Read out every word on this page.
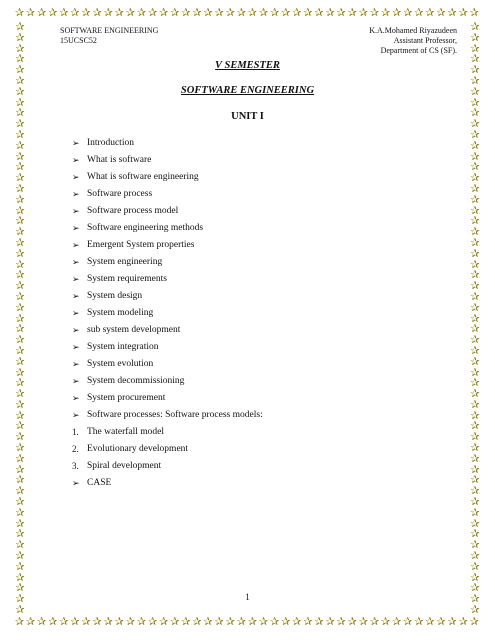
✰ ✰ ✰ ✰ ✰ ✰ ✰ ✰ ✰ ✰ ✰ ✰ ✰ ✰ ✰ ✰ ✰ ✰ ✰ ✰ ✰ ✰ ✰ ✰ ✰ ✰ ✰ ✰ ✰ ✰ ✰ ✰ ✰ ✰ ✰ ✰ ✰ ✰ ✰ ✰ ✰ ✰
✰ ✰ ✰ ✰ ✰ ✰ ✰ ✰ ✰ ✰ ✰ ✰ ✰ ✰ ✰ ✰ ✰ ✰ ✰ ✰ ✰ ✰ ✰ ✰ ✰ ✰ ✰ ✰ ✰ ✰ ✰ ✰ ✰ ✰ ✰ ✰ ✰ ✰ ✰ ✰ ✰ ✰
✰
✰
✰
✰
✰
✰
✰
✰
✰
✰
✰
✰
✰
✰
✰
✰
✰
✰
✰
✰
✰
✰
✰
✰
✰
✰
✰
✰
✰
✰
✰
✰
✰
✰
✰
✰
✰
✰
✰
✰
✰
✰
✰
✰
✰
✰
✰
✰
✰
✰
✰
✰
✰
✰
✰
✰
✰
✰
✰
✰
✰
✰
✰
✰
✰
✰
✰
✰
✰
✰
✰
✰
✰
✰
✰
✰
✰
✰
✰
✰
✰
✰
✰
✰
✰
✰
✰
✰
✰
✰
✰
✰
✰
✰
✰
✰
✰
✰
✰
✰
✰
✰
✰
✰
✰
✰
✰
✰
✰
✰
SOFTWARE ENGINEERING
15UCSC52
K.A.Mohamed Riyazudeen
Assistant Professor,
Department of CS (SF).
V SEMESTER
SOFTWARE ENGINEERING
UNIT I
➢ Introduction
➢ What is software
➢ What is software engineering
➢ Software process
➢ Software process model
➢ Software engineering methods
➢ Emergent System properties
➢ System engineering
➢ System requirements
➢ System design
➢ System modeling
➢ sub system development
➢ System integration
➢ System evolution
➢ System decommissioning
➢ System procurement
➢ Software processes: Software process models:
1. The waterfall model
2. Evolutionary development
3. Spiral development
➢ CASE
1
